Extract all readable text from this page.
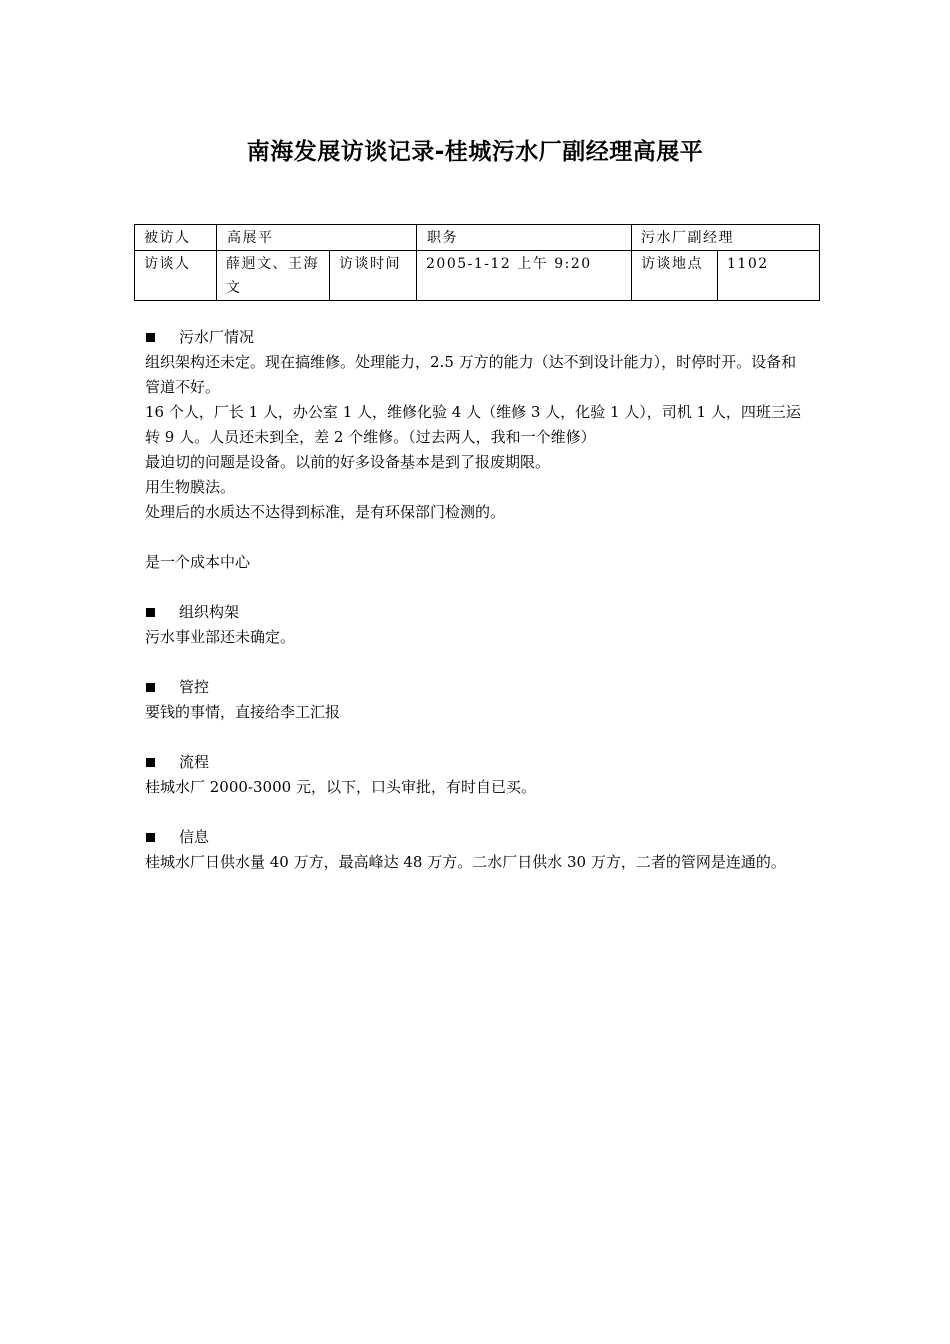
南海发展访谈记录-桂城污水厂副经理高展平
被访人	高展平		职务	污水厂副经理	
访谈人	薛迥文、王海文	访谈时间	2005-1-12 上午 9:20	访谈地点	1102
污水厂情况

组织架构还未定。现在搞维修。处理能力，2.5 万方的能力（达不到设计能力），时停时开。设备和管道不好。

16 个人，厂长 1 人，办公室 1 人，维修化验 4 人（维修 3 人，化验 1 人），司机 1 人，四班三运转 9 人。人员还未到全，差 2 个维修。（过去两人，我和一个维修）

最迫切的问题是设备。以前的好多设备基本是到了报废期限。

用生物膜法。

处理后的水质达不达得到标准，是有环保部门检测的。

是一个成本中心

组织构架

污水事业部还未确定。

管控

要钱的事情，直接给李工汇报

流程

桂城水厂 2000-3000 元，以下，口头审批，有时自已买。

信息

桂城水厂日供水量 40 万方，最高峰达 48 万方。二水厂日供水 30 万方，二者的管网是连通的。
